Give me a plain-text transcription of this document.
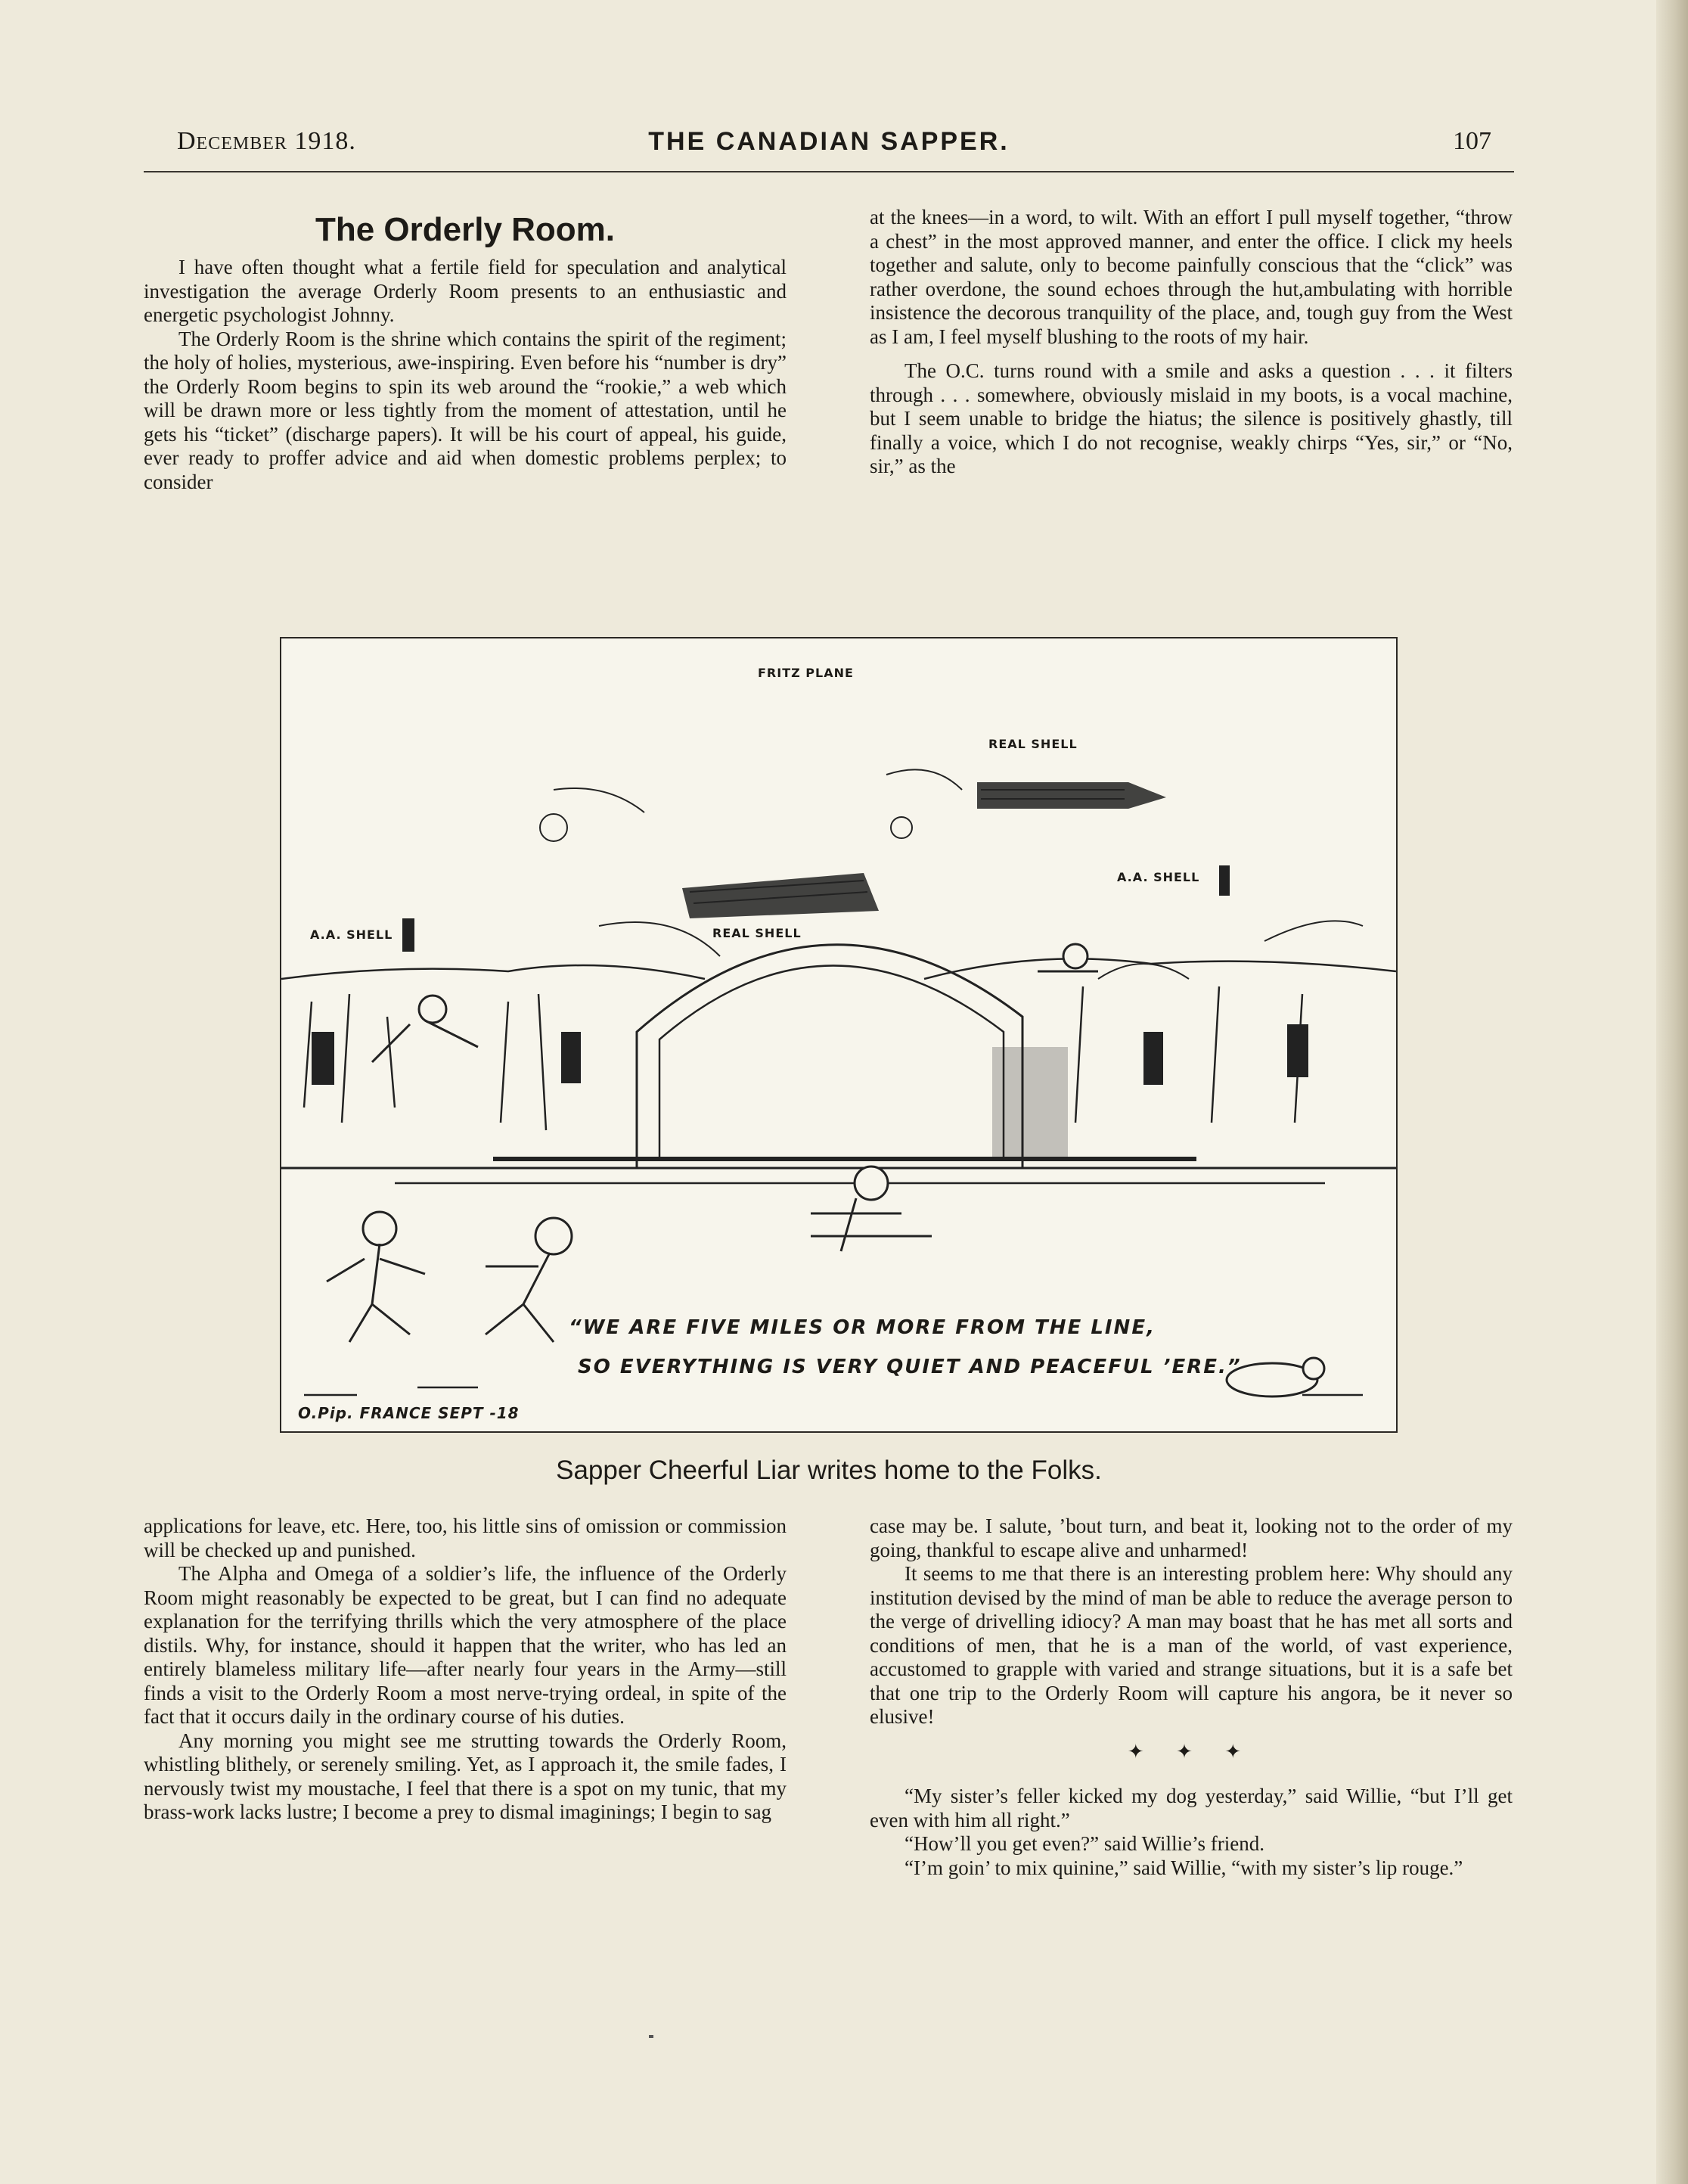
December 1918.	THE CANADIAN SAPPER.	107
The Orderly Room.

I have often thought what a fertile field for speculation and analytical investigation the average Orderly Room presents to an enthusiastic and energetic psychologist Johnny.

The Orderly Room is the shrine which contains the spirit of the regiment; the holy of holies, mysterious, awe-inspiring. Even before his “number is dry” the Orderly Room begins to spin its web around the “rookie,” a web which will be drawn more or less tightly from the moment of attestation, until he gets his “ticket” (discharge papers). It will be his court of appeal, his guide, ever ready to proffer advice and aid when domestic problems perplex; to consider

at the knees—in a word, to wilt. With an effort I pull myself together, “throw a chest” in the most approved manner, and enter the office. I click my heels together and salute, only to become painfully conscious that the “click” was rather overdone, the sound echoes through the hut,ambulating with horrible insistence the decorous tranquility of the place, and, tough guy from the West as I am, I feel myself blushing to the roots of my hair.

The O.C. turns round with a smile and asks a question . . . it filters through . . . somewhere, obviously mislaid in my boots, is a vocal machine, but I seem unable to bridge the hiatus; the silence is positively ghastly, till finally a voice, which I do not recognise, weakly chirps “Yes, sir,” or “No, sir,” as the

FRITZ PLANE
REAL SHELL
REAL SHELL
A.A. SHELL
A.A. SHELL
“WE ARE FIVE MILES OR MORE FROM THE LINE,
SO EVERYTHING IS VERY QUIET AND PEACEFUL ’ERE.”
O.Pip. FRANCE SEPT -18
Sapper Cheerful Liar writes home to the Folks.

applications for leave, etc. Here, too, his little sins of omission or commission will be checked up and punished.

The Alpha and Omega of a soldier’s life, the influence of the Orderly Room might reasonably be expected to be great, but I can find no adequate explanation for the terrifying thrills which the very atmosphere of the place distils. Why, for instance, should it happen that the writer, who has led an entirely blameless military life—after nearly four years in the Army—still finds a visit to the Orderly Room a most nerve-trying ordeal, in spite of the fact that it occurs daily in the ordinary course of his duties.

Any morning you might see me strutting towards the Orderly Room, whistling blithely, or serenely smiling. Yet, as I approach it, the smile fades, I nervously twist my moustache, I feel that there is a spot on my tunic, that my brass-work lacks lustre; I become a prey to dismal imaginings; I begin to sag

case may be. I salute, ’bout turn, and beat it, looking not to the order of my going, thankful to escape alive and unharmed!

It seems to me that there is an interesting problem here: Why should any institution devised by the mind of man be able to reduce the average person to the verge of drivelling idiocy? A man may boast that he has met all sorts and conditions of men, that he is a man of the world, of vast experience, accustomed to grapple with varied and strange situations, but it is a safe bet that one trip to the Orderly Room will capture his angora, be it never so elusive!

✦ ✦ ✦

“My sister’s feller kicked my dog yesterday,” said Willie, “but I’ll get even with him all right.”

“How’ll you get even?” said Willie’s friend.

“I’m goin’ to mix quinine,” said Willie, “with my sister’s lip rouge.”
